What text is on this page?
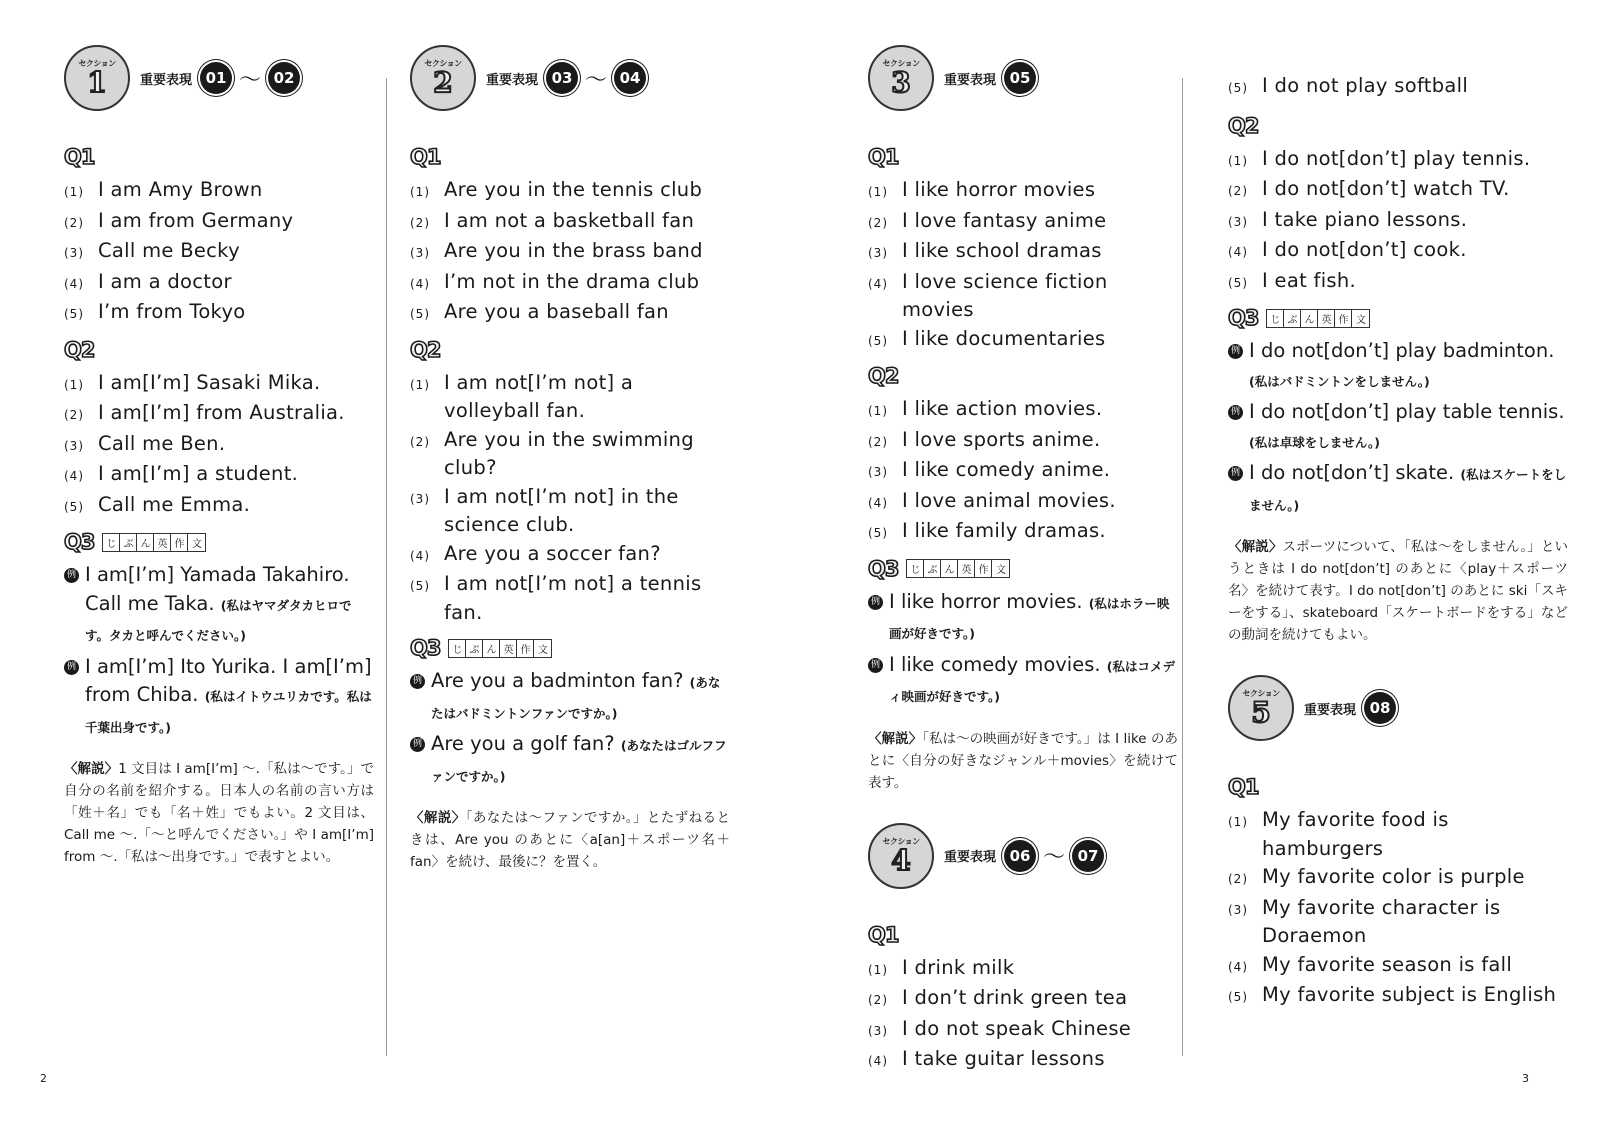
セクション
1	重要表現 01 〜 02
Q1
(1) I am Amy Brown
(2) I am from Germany
(3) Call me Becky
(4) I am a doctor
(5) I’m from Tokyo
Q2
(1) I am[I’m] Sasaki Mika.
(2) I am[I’m] from Australia.
(3) Call me Ben.
(4) I am[I’m] a student.
(5) Call me Emma.
Q3	じ ぶ ん 英 作 文
例 I am[I’m] Yamada Takahiro. Call me Taka. (私はヤマダタカヒロです。タカと呼んでください。)
例 I am[I’m] Ito Yurika. I am[I’m] from Chiba. (私はイトウユリカです。私は千葉出身です。)
〈解説〉1 文目は I am[I’m] 〜.「私は〜です。」で自分の名前を紹介する。日本人の名前の言い方は「姓＋名」でも「名＋姓」でもよい。2 文目は、Call me 〜.「〜と呼んでください。」や I am[I’m] from 〜.「私は〜出身です。」で表すとよい。
セクション
2	重要表現 03 〜 04
Q1
(1) Are you in the tennis club
(2) I am not a basketball fan
(3) Are you in the brass band
(4) I’m not in the drama club
(5) Are you a baseball fan
Q2
(1) I am not[I’m not] a volleyball fan.
(2) Are you in the swimming club?
(3) I am not[I’m not] in the science club.
(4) Are you a soccer fan?
(5) I am not[I’m not] a tennis fan.
Q3	じ ぶ ん 英 作 文
例 Are you a badminton fan? (あなたはバドミントンファンですか。)
例 Are you a golf fan? (あなたはゴルフファンですか。)
〈解説〉「あなたは〜ファンですか。」とたずねるときは、Are you のあとに〈a[an]＋スポーツ名＋fan〉を続け、最後に？を置く。
セクション
3	重要表現 05
Q1
(1) I like horror movies
(2) I love fantasy anime
(3) I like school dramas
(4) I love science fiction movies
(5) I like documentaries
Q2
(1) I like action movies.
(2) I love sports anime.
(3) I like comedy anime.
(4) I love animal movies.
(5) I like family dramas.
Q3	じ ぶ ん 英 作 文
例 I like horror movies. (私はホラー映画が好きです。)
例 I like comedy movies. (私はコメディ映画が好きです。)
〈解説〉「私は〜の映画が好きです。」は I like のあとに〈自分の好きなジャンル＋movies〉を続けて表す。
セクション
4	重要表現 06 〜 07
Q1
(1) I drink milk
(2) I don’t drink green tea
(3) I do not speak Chinese
(4) I take guitar lessons
(5) I do not play softball
Q2
(1) I do not[don’t] play tennis.
(2) I do not[don’t] watch TV.
(3) I take piano lessons.
(4) I do not[don’t] cook.
(5) I eat fish.
Q3	じ ぶ ん 英 作 文
例 I do not[don’t] play badminton. (私はバドミントンをしません。)
例 I do not[don’t] play table tennis. (私は卓球をしません。)
例 I do not[don’t] skate. (私はスケートをしません。)
〈解説〉スポーツについて、「私は〜をしません。」というときは I do not[don’t] のあとに〈play＋スポーツ名〉を続けて表す。I do not[don’t] のあとに ski「スキーをする」、skateboard「スケートボードをする」などの動詞を続けてもよい。
セクション
5	重要表現 08
Q1
(1) My favorite food is hamburgers
(2) My favorite color is purple
(3) My favorite character is Doraemon
(4) My favorite season is fall
(5) My favorite subject is English
2	3
